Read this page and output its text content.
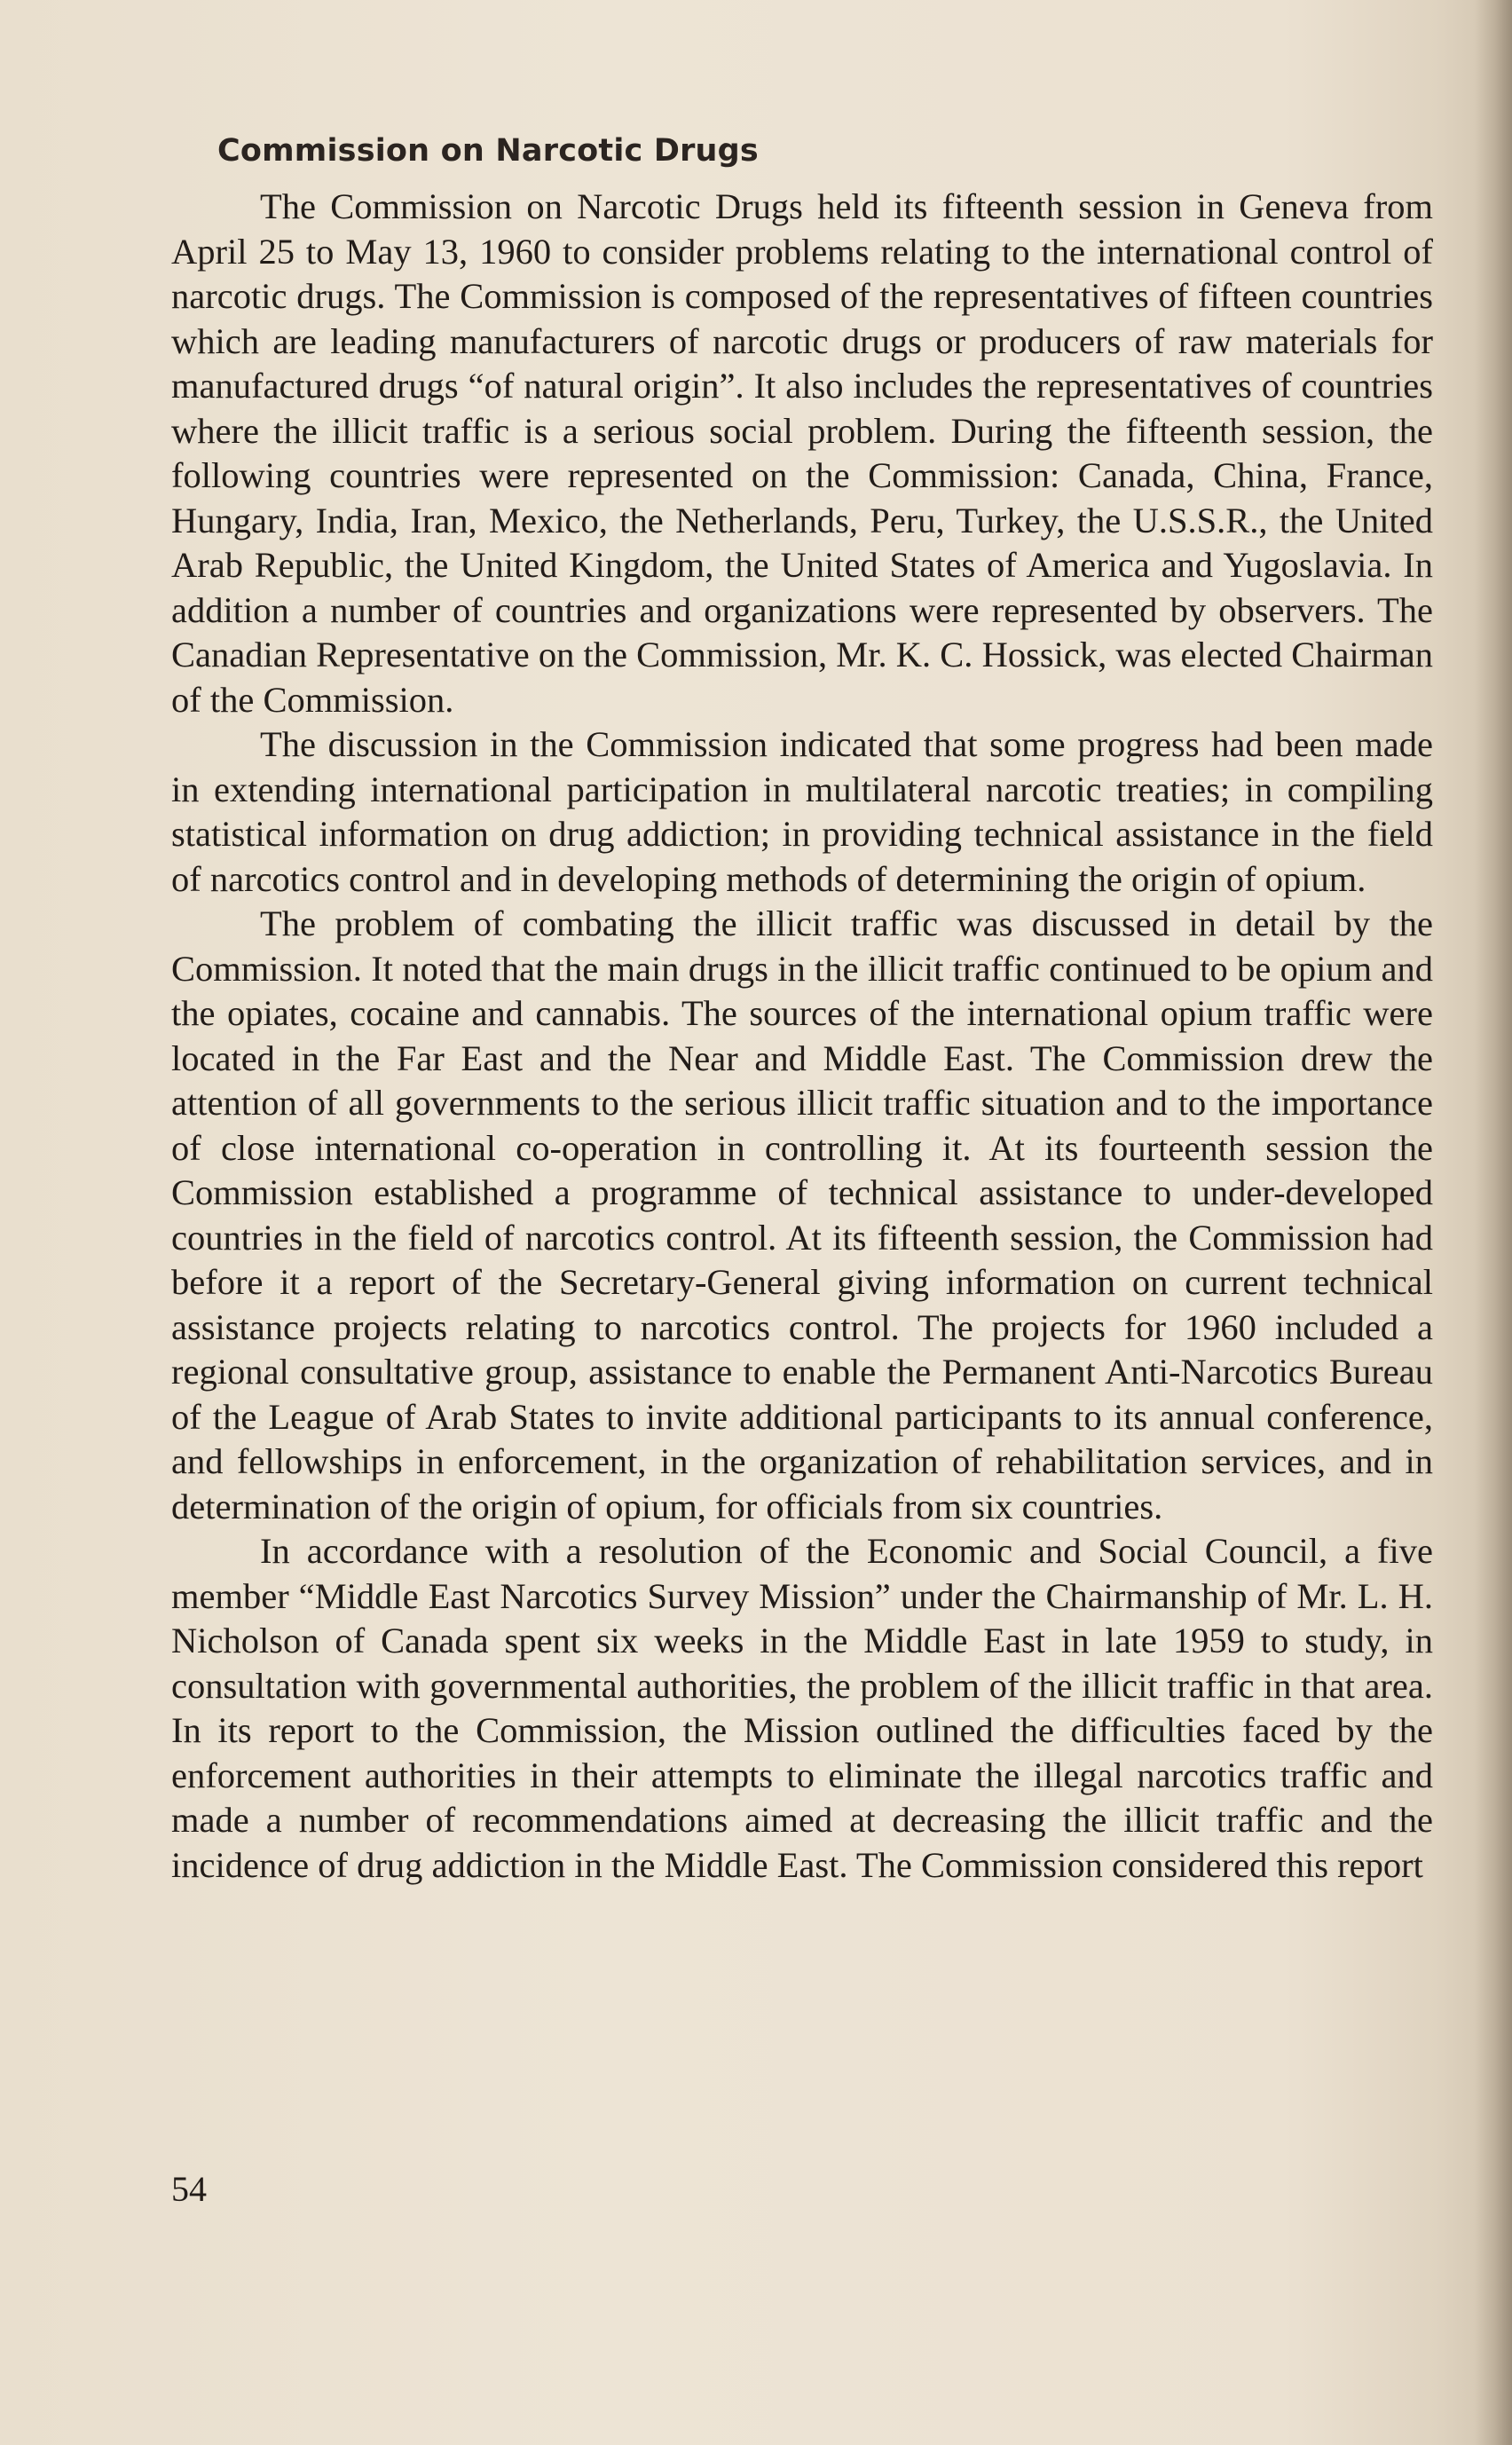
Commission on Narcotic Drugs

The Commission on Narcotic Drugs held its fifteenth session in Geneva from April 25 to May 13, 1960 to consider problems relating to the international control of narcotic drugs. The Commission is composed of the representatives of fifteen countries which are leading manufacturers of narcotic drugs or producers of raw materials for manufactured drugs “of natural origin”. It also includes the representatives of countries where the illicit traffic is a serious social problem. During the fifteenth session, the following countries were represented on the Commission: Canada, China, France, Hungary, India, Iran, Mexico, the Netherlands, Peru, Turkey, the U.S.S.R., the United Arab Republic, the United Kingdom, the United States of America and Yugoslavia. In addition a number of countries and organizations were represented by observers. The Canadian Representative on the Commission, Mr. K. C. Hossick, was elected Chairman of the Commission.

The discussion in the Commission indicated that some progress had been made in extending international participation in multilateral narcotic treaties; in compiling statistical information on drug addiction; in providing technical assistance in the field of narcotics control and in developing methods of determining the origin of opium.

The problem of combating the illicit traffic was discussed in detail by the Commission. It noted that the main drugs in the illicit traffic continued to be opium and the opiates, cocaine and cannabis. The sources of the international opium traffic were located in the Far East and the Near and Middle East. The Commission drew the attention of all governments to the serious illicit traffic situation and to the importance of close international co-operation in controlling it. At its fourteenth session the Commission established a programme of technical assistance to under-developed countries in the field of narcotics control. At its fifteenth session, the Commission had before it a report of the Secretary-General giving information on current technical assistance projects relating to narcotics control. The projects for 1960 included a regional consultative group, assistance to enable the Permanent Anti-Narcotics Bureau of the League of Arab States to invite additional participants to its annual conference, and fellowships in enforcement, in the organization of rehabilitation services, and in determination of the origin of opium, for officials from six countries.

In accordance with a resolution of the Economic and Social Council, a five member “Middle East Narcotics Survey Mission” under the Chairmanship of Mr. L. H. Nicholson of Canada spent six weeks in the Middle East in late 1959 to study, in consultation with governmental authorities, the problem of the illicit traffic in that area. In its report to the Commission, the Mission outlined the difficulties faced by the enforcement authorities in their attempts to eliminate the illegal narcotics traffic and made a number of recommendations aimed at decreasing the illicit traffic and the incidence of drug addiction in the Middle East. The Commission considered this report

54
